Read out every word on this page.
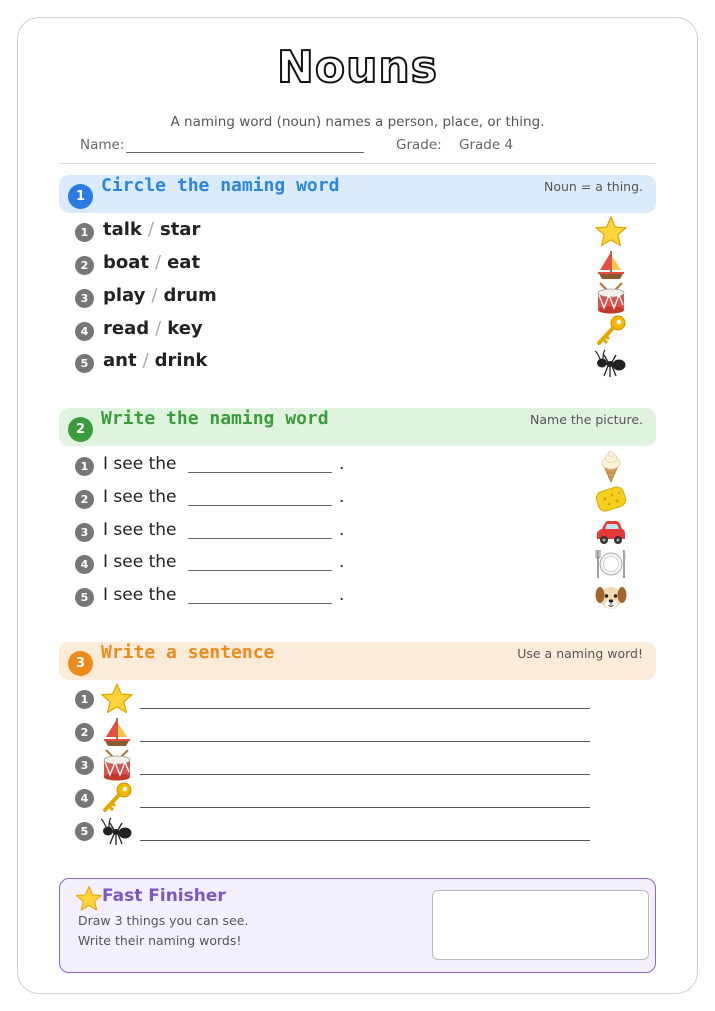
Nouns
A naming word (noun) names a person, place, or thing.
Name:	Grade: Grade 4
1
Circle the naming word	Noun = a thing.
1 talk / star
2 boat / eat
3 play / drum
4 read / key
5 ant / drink
2
Write the naming word	Name the picture.
1 I see the	.
2 I see the	.
3 I see the	.
4 I see the	.
5 I see the	.
3
Write a sentence	Use a naming word!
1
2
3
4
5
Fast Finisher
Draw 3 things you can see.
Write their naming words!
